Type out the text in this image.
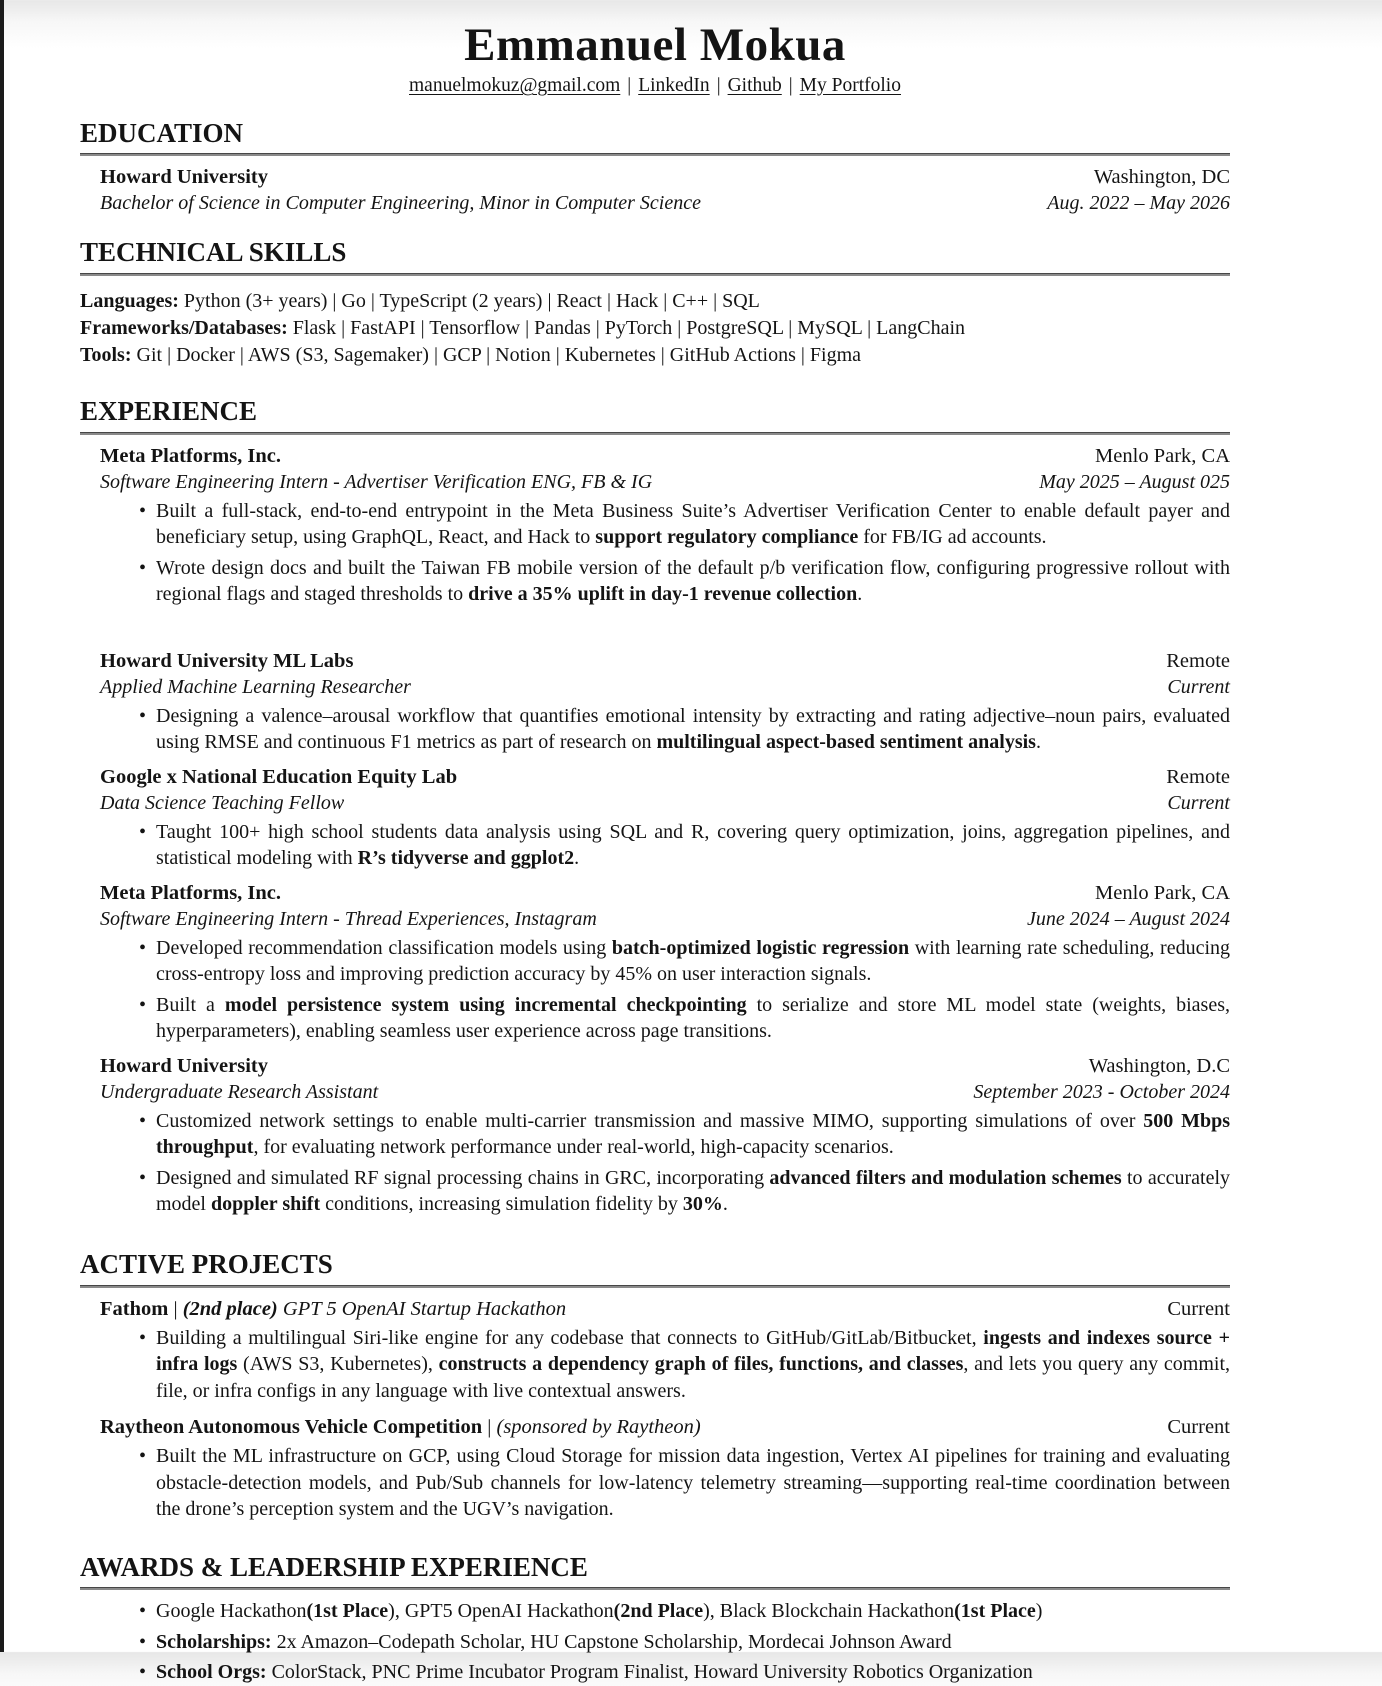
Emmanuel Mokua
manuelmokuz@gmail.com | LinkedIn | Github | My Portfolio
EDUCATION
Howard University	Washington, DC
Bachelor of Science in Computer Engineering, Minor in Computer Science	Aug. 2022 – May 2026
TECHNICAL SKILLS
Languages: Python (3+ years) | Go | TypeScript (2 years) | React | Hack | C++ | SQL
Frameworks/Databases: Flask | FastAPI | Tensorflow | Pandas | PyTorch | PostgreSQL | MySQL | LangChain
Tools: Git | Docker | AWS (S3, Sagemaker) | GCP | Notion | Kubernetes | GitHub Actions | Figma
EXPERIENCE
Meta Platforms, Inc.	Menlo Park, CA
Software Engineering Intern - Advertiser Verification ENG, FB & IG	May 2025 – August 025
• Built a full-stack, end-to-end entrypoint in the Meta Business Suite’s Advertiser Verification Center to enable default payer and beneficiary setup, using GraphQL, React, and Hack to support regulatory compliance for FB/IG ad accounts.
• Wrote design docs and built the Taiwan FB mobile version of the default p/b verification flow, configuring progressive rollout with regional flags and staged thresholds to drive a 35% uplift in day-1 revenue collection.
Howard University ML Labs	Remote
Applied Machine Learning Researcher	Current
• Designing a valence–arousal workflow that quantifies emotional intensity by extracting and rating adjective–noun pairs, evaluated using RMSE and continuous F1 metrics as part of research on multilingual aspect-based sentiment analysis.
Google x National Education Equity Lab	Remote
Data Science Teaching Fellow	Current
• Taught 100+ high school students data analysis using SQL and R, covering query optimization, joins, aggregation pipelines, and statistical modeling with R’s tidyverse and ggplot2.
Meta Platforms, Inc.	Menlo Park, CA
Software Engineering Intern - Thread Experiences, Instagram	June 2024 – August 2024
• Developed recommendation classification models using batch-optimized logistic regression with learning rate scheduling, reducing cross-entropy loss and improving prediction accuracy by 45% on user interaction signals.
• Built a model persistence system using incremental checkpointing to serialize and store ML model state (weights, biases, hyperparameters), enabling seamless user experience across page transitions.
Howard University	Washington, D.C
Undergraduate Research Assistant	September 2023 - October 2024
• Customized network settings to enable multi-carrier transmission and massive MIMO, supporting simulations of over 500 Mbps throughput, for evaluating network performance under real-world, high-capacity scenarios.
• Designed and simulated RF signal processing chains in GRC, incorporating advanced filters and modulation schemes to accurately model doppler shift conditions, increasing simulation fidelity by 30%.
ACTIVE PROJECTS
Fathom | (2nd place) GPT 5 OpenAI Startup Hackathon	Current
• Building a multilingual Siri-like engine for any codebase that connects to GitHub/GitLab/Bitbucket, ingests and indexes source + infra logs (AWS S3, Kubernetes), constructs a dependency graph of files, functions, and classes, and lets you query any commit, file, or infra configs in any language with live contextual answers.
Raytheon Autonomous Vehicle Competition | (sponsored by Raytheon)	Current
• Built the ML infrastructure on GCP, using Cloud Storage for mission data ingestion, Vertex AI pipelines for training and evaluating obstacle-detection models, and Pub/Sub channels for low-latency telemetry streaming—supporting real-time coordination between the drone’s perception system and the UGV’s navigation.
AWARDS & LEADERSHIP EXPERIENCE
• Google Hackathon(1st Place), GPT5 OpenAI Hackathon(2nd Place), Black Blockchain Hackathon(1st Place)
• Scholarships: 2x Amazon–Codepath Scholar, HU Capstone Scholarship, Mordecai Johnson Award
• School Orgs: ColorStack, PNC Prime Incubator Program Finalist, Howard University Robotics Organization
